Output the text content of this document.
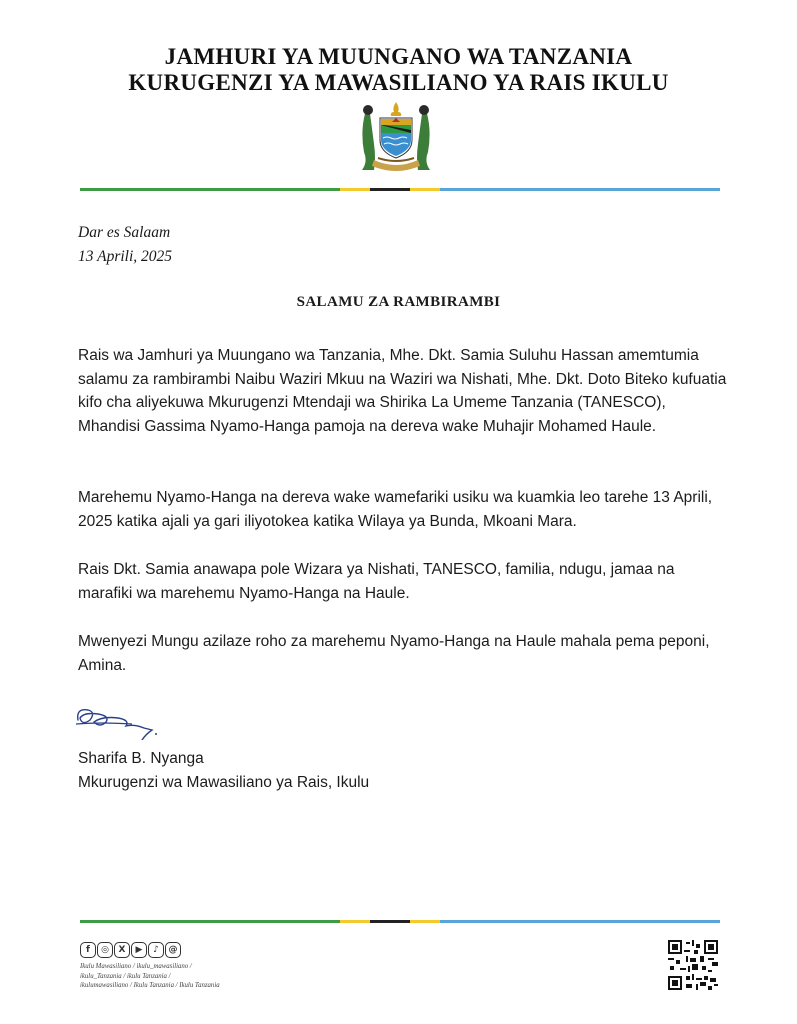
JAMHURI YA MUUNGANO WA TANZANIA
KURUGENZI YA MAWASILIANO YA RAIS IKULU
Dar es Salaam
13 Aprili, 2025
SALAMU ZA RAMBIRAMBI
Rais wa Jamhuri ya Muungano wa Tanzania, Mhe. Dkt. Samia Suluhu Hassan amemtumia salamu za rambirambi Naibu Waziri Mkuu na Waziri wa Nishati, Mhe. Dkt. Doto Biteko kufuatia kifo cha aliyekuwa Mkurugenzi Mtendaji wa Shirika La Umeme Tanzania (TANESCO), Mhandisi Gassima Nyamo-Hanga pamoja na dereva wake Muhajir Mohamed Haule.
Marehemu Nyamo-Hanga na dereva wake wamefariki usiku wa kuamkia leo tarehe 13 Aprili, 2025 katika ajali ya gari iliyotokea katika Wilaya ya Bunda, Mkoani Mara.
Rais Dkt. Samia anawapa pole Wizara ya Nishati, TANESCO, familia, ndugu, jamaa na marafiki wa marehemu Nyamo-Hanga na Haule.
Mwenyezi Mungu azilaze roho za marehemu Nyamo-Hanga na Haule mahala pema peponi, Amina.
Sharifa B. Nyanga
Mkurugenzi wa Mawasiliano ya Rais, Ikulu
f	◎	X	▶	♪	@
Ikulu Mawasiliano / ikulu_mawasiliano /
ikulu_Tanzania / ikulu Tanzania /
ikulumawasiliano / Ikulu Tanzania / Ikulu Tanzania
